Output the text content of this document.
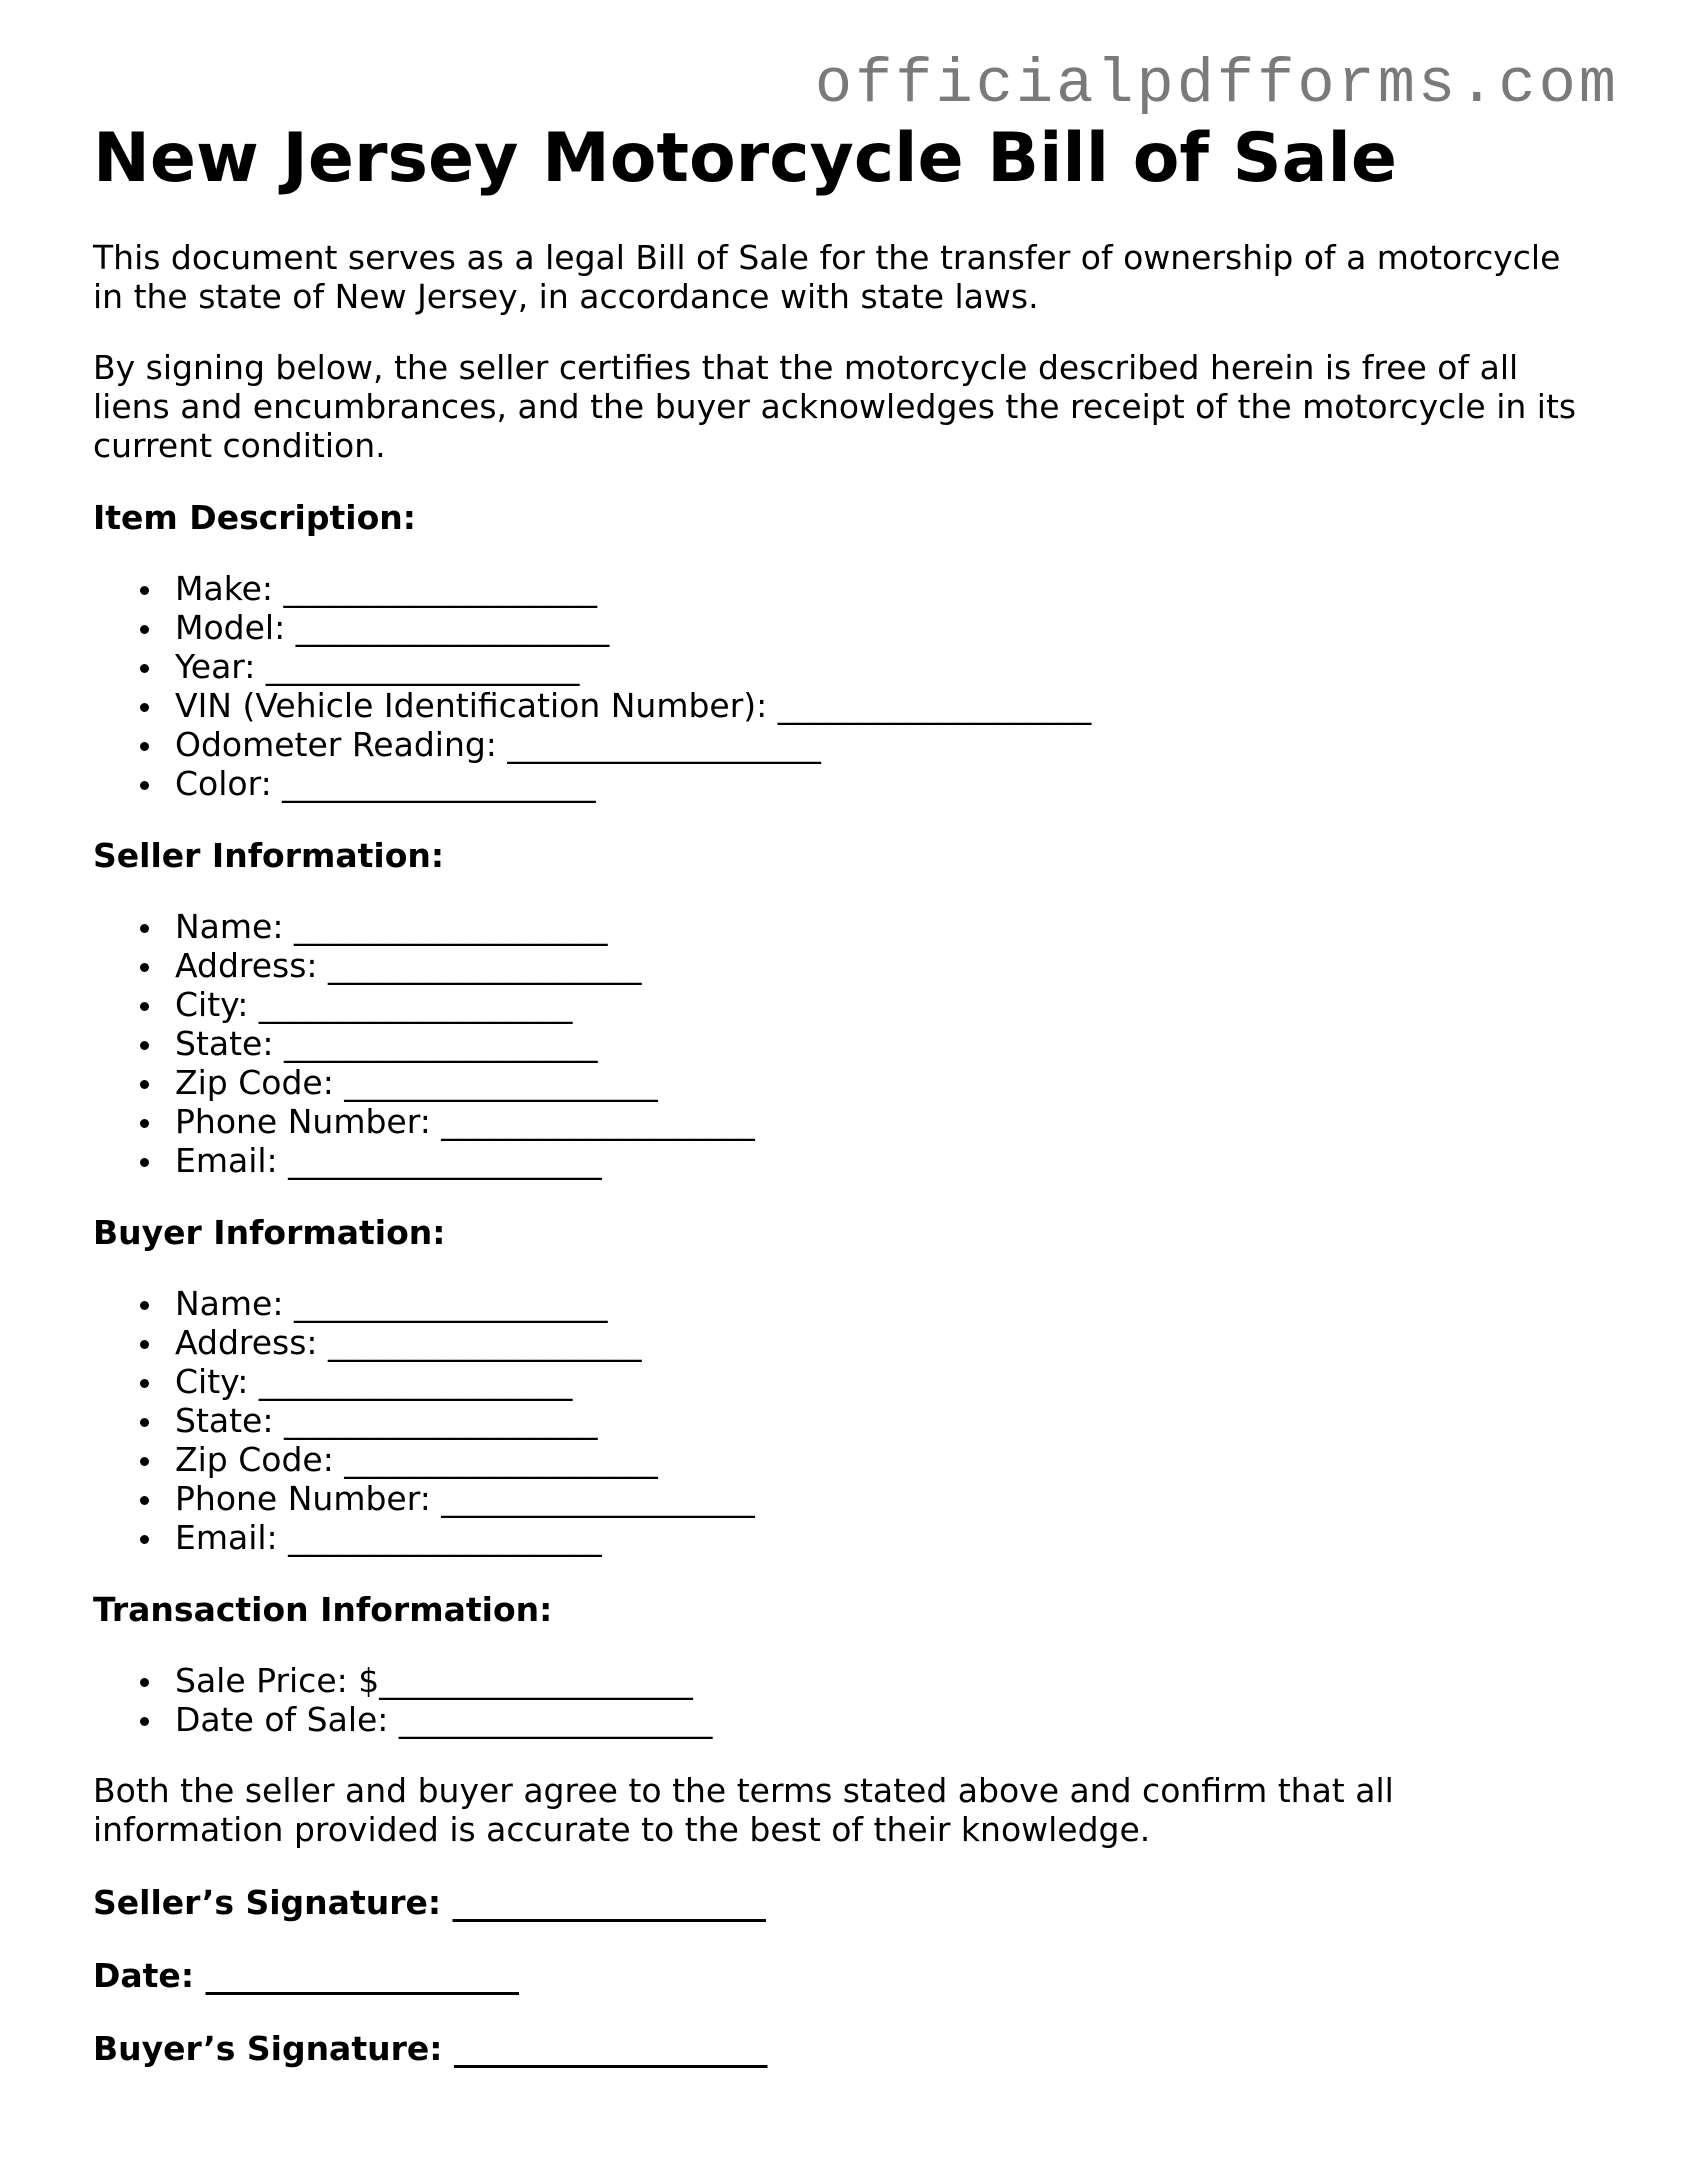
officialpdfforms.com
New Jersey Motorcycle Bill of Sale

This document serves as a legal Bill of Sale for the transfer of ownership of a motorcycle in the state of New Jersey, in accordance with state laws.

By signing below, the seller certifies that the motorcycle described herein is free of all liens and encumbrances, and the buyer acknowledges the receipt of the motorcycle in its current condition.

Item Description:
Make: ___________________
Model: ___________________
Year: ___________________
VIN (Vehicle Identification Number): ___________________
Odometer Reading: ___________________
Color: ___________________
Seller Information:
Name: ___________________
Address: ___________________
City: ___________________
State: ___________________
Zip Code: ___________________
Phone Number: ___________________
Email: ___________________
Buyer Information:
Name: ___________________
Address: ___________________
City: ___________________
State: ___________________
Zip Code: ___________________
Phone Number: ___________________
Email: ___________________
Transaction Information:
Sale Price: $___________________
Date of Sale: ___________________

Both the seller and buyer agree to the terms stated above and confirm that all information provided is accurate to the best of their knowledge.

Seller’s Signature: ___________________
Date: ___________________
Buyer’s Signature: ___________________
